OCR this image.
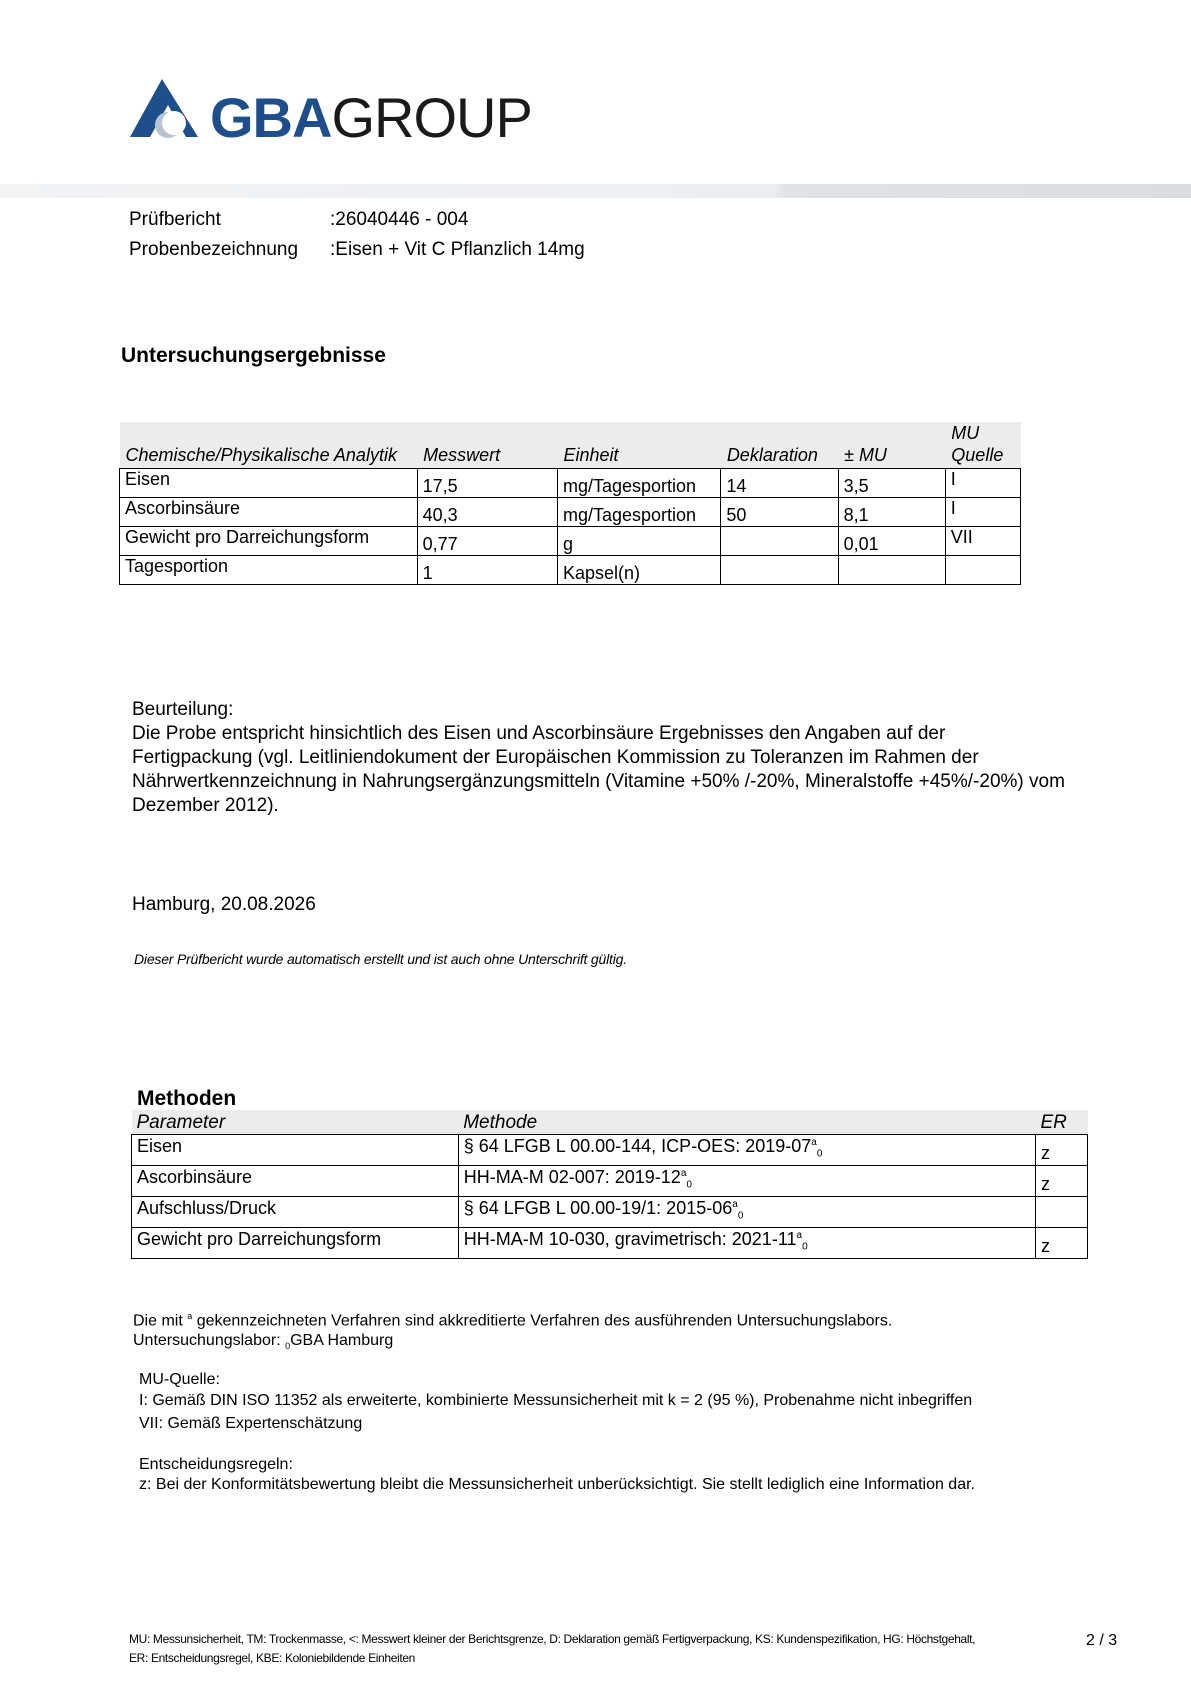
GBAGROUP
Prüfbericht	:26040446 - 004
Probenbezeichnung :Eisen + Vit C Pflanzlich 14mg
Untersuchungsergebnisse
Chemische/Physikalische Analytik	Messwert	Einheit	Deklaration	± MU	MU Quelle
Eisen	17,5	mg/Tagesportion	14	3,5	I
Ascorbinsäure	40,3	mg/Tagesportion	50	8,1	I
Gewicht pro Darreichungsform	0,77	g		0,01	VII
Tagesportion	1	Kapsel(n)			
Beurteilung:
Die Probe entspricht hinsichtlich des Eisen und Ascorbinsäure Ergebnisses den Angaben auf der
Fertigpackung (vgl. Leitliniendokument der Europäischen Kommission zu Toleranzen im Rahmen der
Nährwertkennzeichnung in Nahrungsergänzungsmitteln (Vitamine +50% /-20%, Mineralstoffe +45%/-20%) vom
Dezember 2012).
Hamburg, 20.08.2026
Dieser Prüfbericht wurde automatisch erstellt und ist auch ohne Unterschrift gültig.
Methoden
Parameter	Methode	ER
Eisen	§ 64 LFGB L 00.00-144, ICP-OES: $2019-07^a_0$	z
Ascorbinsäure	HH-MA-M 02-007: $2019-12^a_0$	z
Aufschluss/Druck	§ 64 LFGB L 00.00-19/1: $2015-06^a_0$	
Gewicht pro Darreichungsform	HH-MA-M 10-030, gravimetrisch: $2021-11^a_0$	z
Die mit $^a$ gekennzeichneten Verfahren sind akkreditierte Verfahren des ausführenden Untersuchungslabors.
Untersuchungslabor: $_0$GBA Hamburg
MU-Quelle:
I: Gemäß DIN ISO 11352 als erweiterte, kombinierte Messunsicherheit mit k = 2 (95 %), Probenahme nicht inbegriffen
VII: Gemäß Expertenschätzung
Entscheidungsregeln:
z: Bei der Konformitätsbewertung bleibt die Messunsicherheit unberücksichtigt. Sie stellt lediglich eine Information dar.
MU: Messunsicherheit, TM: Trockenmasse, <: Messwert kleiner der Berichtsgrenze, D: Deklaration gemäß Fertigverpackung, KS: Kundenspezifikation, HG: Höchstgehalt,
ER: Entscheidungsregel, KBE: Koloniebildende Einheiten
2 / 3
